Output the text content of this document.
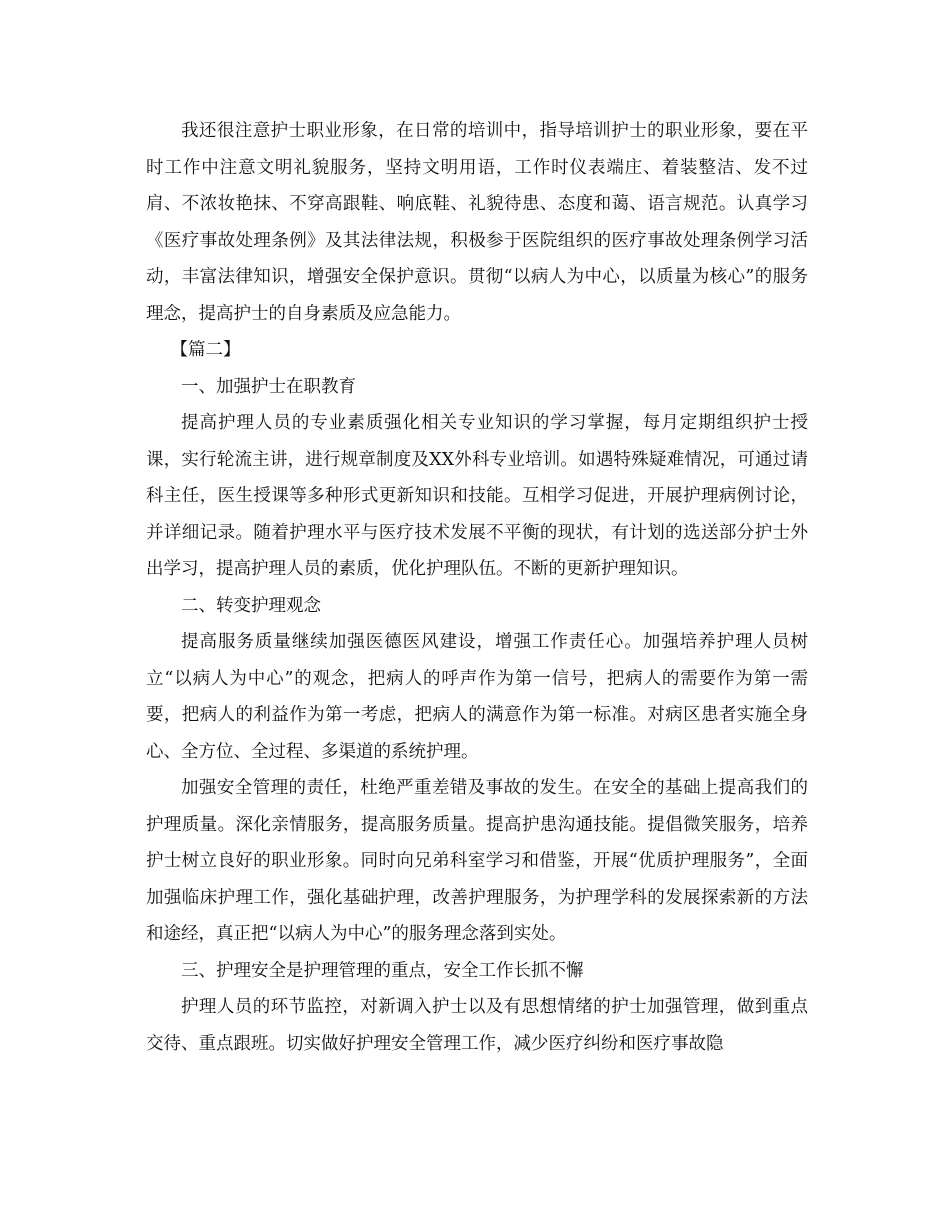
我还很注意护士职业形象，在日常的培训中，指导培训护士的职业形象，要在平时工作中注意文明礼貌服务，坚持文明用语，工作时仪表端庄、着装整洁、发不过肩、不浓妆艳抹、不穿高跟鞋、响底鞋、礼貌待患、态度和蔼、语言规范。认真学习《医疗事故处理条例》及其法律法规，积极参于医院组织的医疗事故处理条例学习活动，丰富法律知识，增强安全保护意识。贯彻“以病人为中心，以质量为核心”的服务理念，提高护士的自身素质及应急能力。

【篇二】

一、加强护士在职教育

提高护理人员的专业素质强化相关专业知识的学习掌握，每月定期组织护士授课，实行轮流主讲，进行规章制度及XX外科专业培训。如遇特殊疑难情况，可通过请科主任，医生授课等多种形式更新知识和技能。互相学习促进，开展护理病例讨论，并详细记录。随着护理水平与医疗技术发展不平衡的现状，有计划的选送部分护士外出学习，提高护理人员的素质，优化护理队伍。不断的更新护理知识。

二、转变护理观念

提高服务质量继续加强医德医风建设，增强工作责任心。加强培养护理人员树立“以病人为中心”的观念，把病人的呼声作为第一信号，把病人的需要作为第一需要，把病人的利益作为第一考虑，把病人的满意作为第一标准。对病区患者实施全身心、全方位、全过程、多渠道的系统护理。

加强安全管理的责任，杜绝严重差错及事故的发生。在安全的基础上提高我们的护理质量。深化亲情服务，提高服务质量。提高护患沟通技能。提倡微笑服务，培养护士树立良好的职业形象。同时向兄弟科室学习和借鉴，开展“优质护理服务”，全面加强临床护理工作，强化基础护理，改善护理服务，为护理学科的发展探索新的方法和途经，真正把“以病人为中心”的服务理念落到实处。

三、护理安全是护理管理的重点，安全工作长抓不懈

护理人员的环节监控，对新调入护士以及有思想情绪的护士加强管理，做到重点交待、重点跟班。切实做好护理安全管理工作，减少医疗纠纷和医疗事故隐
